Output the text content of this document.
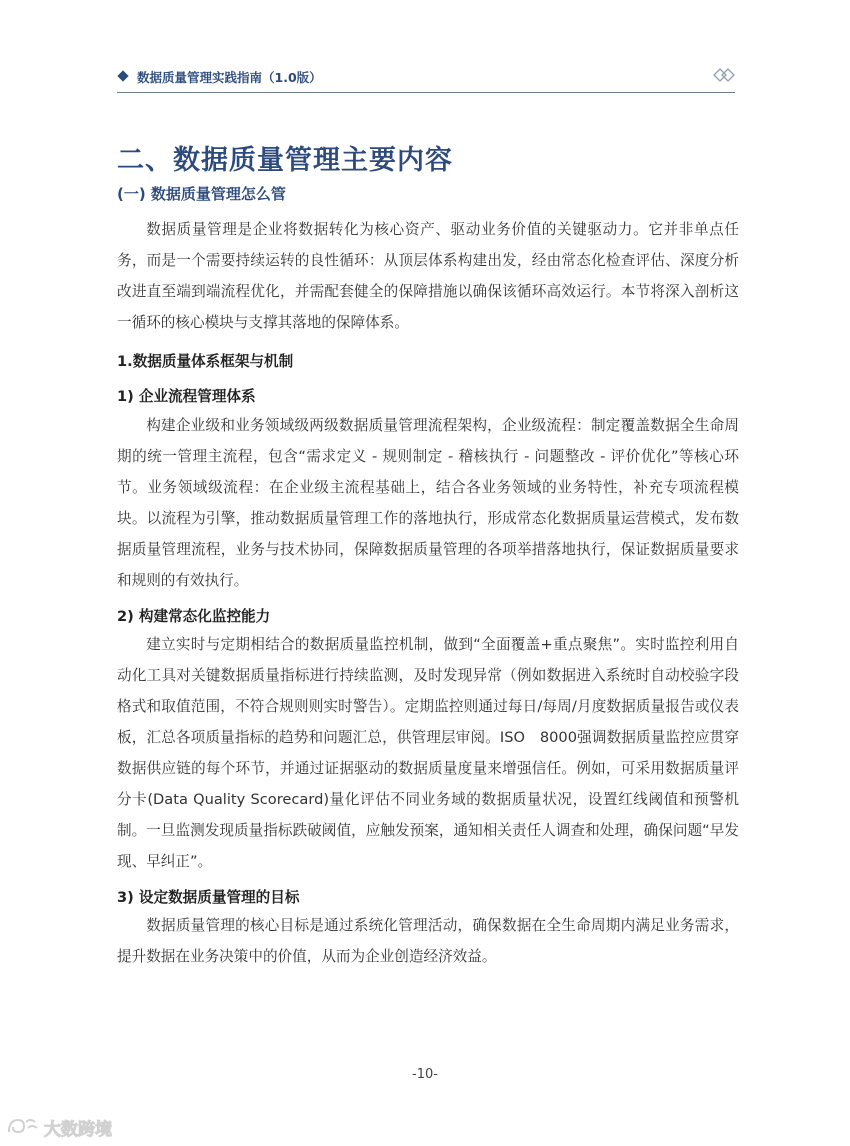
数据质量管理实践指南（1.0版）
二、数据质量管理主要内容
(一) 数据质量管理怎么管

数据质量管理是企业将数据转化为核心资产、驱动业务价值的关键驱动力。它并非单点任务，而是一个需要持续运转的良性循环：从顶层体系构建出发，经由常态化检查评估、深度分析改进直至端到端流程优化，并需配套健全的保障措施以确保该循环高效运行。本节将深入剖析这一循环的核心模块与支撑其落地的保障体系。

1.数据质量体系框架与机制
1) 企业流程管理体系

构建企业级和业务领域级两级数据质量管理流程架构，企业级流程：制定覆盖数据全生命周期的统一管理主流程，包含“需求定义 - 规则制定 - 稽核执行 - 问题整改 - 评价优化”等核心环节。业务领域级流程：在企业级主流程基础上，结合各业务领域的业务特性，补充专项流程模块。以流程为引擎，推动数据质量管理工作的落地执行，形成常态化数据质量运营模式，发布数据质量管理流程，业务与技术协同，保障数据质量管理的各项举措落地执行，保证数据质量要求和规则的有效执行。

2) 构建常态化监控能力

建立实时与定期相结合的数据质量监控机制，做到“全面覆盖+重点聚焦”。实时监控利用自动化工具对关键数据质量指标进行持续监测，及时发现异常（例如数据进入系统时自动校验字段格式和取值范围，不符合规则则实时警告）。定期监控则通过每日/每周/月度数据质量报告或仪表板，汇总各项质量指标的趋势和问题汇总，供管理层审阅。ISO　8000强调数据质量监控应贯穿数据供应链的每个环节，并通过证据驱动的数据质量度量来增强信任。例如，可采用数据质量评分卡(Data Quality Scorecard)量化评估不同业务域的数据质量状况，设置红线阈值和预警机制。一旦监测发现质量指标跌破阈值，应触发预案，通知相关责任人调查和处理，确保问题“早发现、早纠正”。

3) 设定数据质量管理的目标

数据质量管理的核心目标是通过系统化管理活动，确保数据在全生命周期内满足业务需求，提升数据在业务决策中的价值，从而为企业创造经济效益。

-10-
大数跨境
